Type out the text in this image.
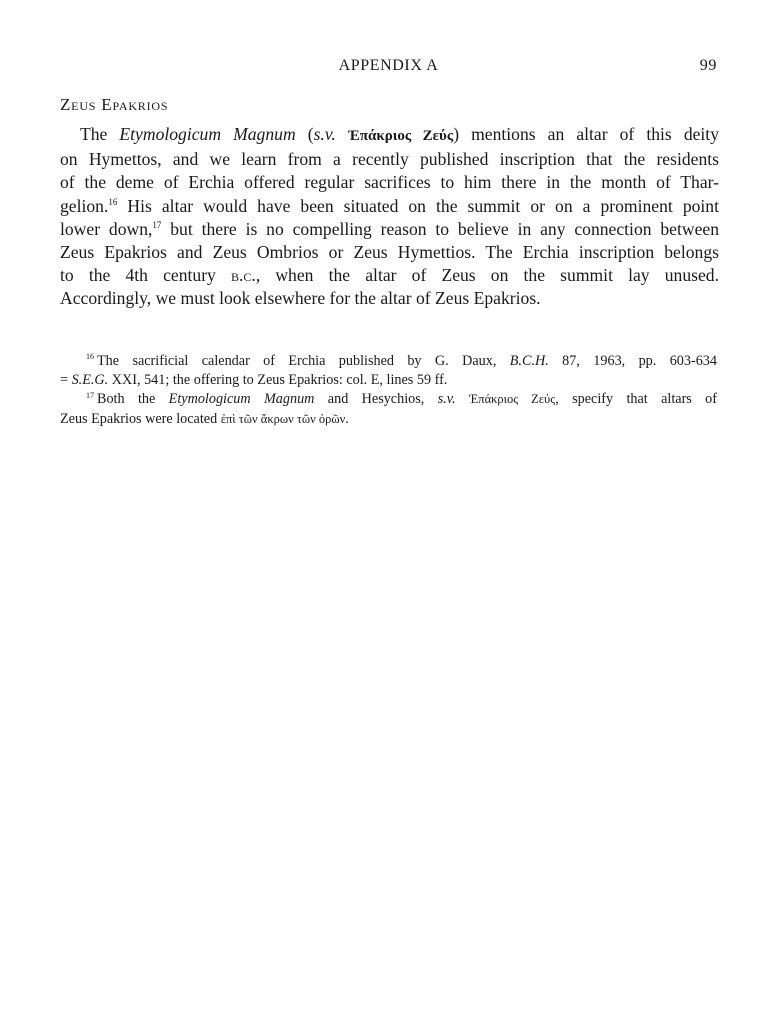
APPENDIX A	99
Zeus Epakrios
The Etymologicum Magnum (s.v. Ἐπάκριος Ζεύς) mentions an altar of this deity
on Hymettos, and we learn from a recently published inscription that the residents
of the deme of Erchia offered regular sacrifices to him there in the month of Thar-
gelion.$^{16}$ His altar would have been situated on the summit or on a prominent point
lower down,$^{17}$ but there is no compelling reason to believe in any connection between
Zeus Epakrios and Zeus Ombrios or Zeus Hymettios. The Erchia inscription belongs
to the 4th century b.c., when the altar of Zeus on the summit lay unused.
Accordingly, we must look elsewhere for the altar of Zeus Epakrios.
$^{16}$ The sacrificial calendar of Erchia published by G. Daux, B.C.H. 87, 1963, pp. 603-634
= S.E.G. XXI, 541; the offering to Zeus Epakrios: col. E, lines 59 ff.
$^{17}$ Both the Etymologicum Magnum and Hesychios, s.v. Ἐπάκριος Ζεύς, specify that altars of
Zeus Epakrios were located ἐπὶ τῶν ἄκρων τῶν ὀρῶν.
